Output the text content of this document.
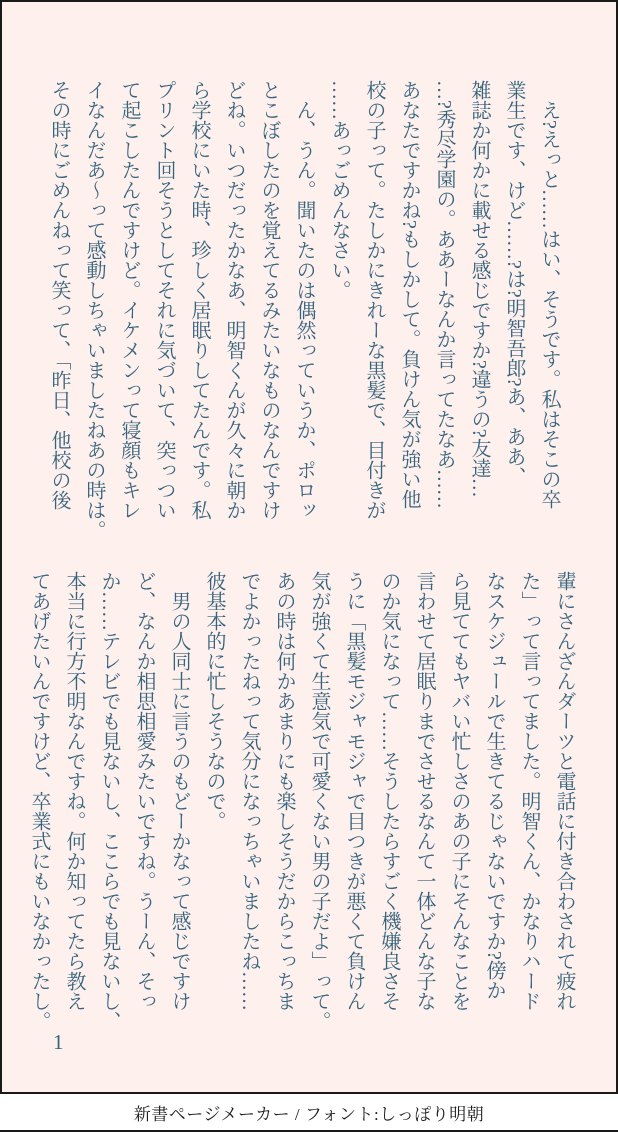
　え?えっと……はい、そうです。私はそこの卒
業生です、けど……?は?明智吾郎?あ、ああ、
雑誌か何かに載せる感じですか?違うの?友達…
…?秀尽学園の。ああーなんか言ってたなあ……
あなたですかね?もしかして。負けん気が強い他
校の子って。たしかにきれーな黒髪で、目付きが
……あっごめんなさい。
　ん、うん。聞いたのは偶然っていうか、ポロッ
とこぼしたのを覚えてるみたいなものなんですけ
どね。いつだったかなあ、明智くんが久々に朝か
ら学校にいた時、珍しく居眠りしてたんです。私
プリント回そうとしてそれに気づいて、突っつい
て起こしたんですけど。イケメンって寝顔もキレ
イなんだあ〜って感動しちゃいましたねあの時は。
その時にごめんねって笑って、「昨日、他校の後
輩にさんざんダーツと電話に付き合わされて疲れ
た」って言ってました。明智くん、かなりハード
なスケジュールで生きてるじゃないですか?傍か
ら見ててもヤバい忙しさのあの子にそんなことを
言わせて居眠りまでさせるなんて一体どんな子な
のか気になって……そうしたらすごく機嫌良さそ
うに「黒髪モジャモジャで目つきが悪くて負けん
気が強くて生意気で可愛くない男の子だよ」って。
あの時は何かあまりにも楽しそうだからこっちま
でよかったねって気分になっちゃいましたね……
彼基本的に忙しそうなので。
　男の人同士に言うのもどーかなって感じですけ
ど、なんか相思相愛みたいですね。うーん、そっ
か……テレビでも見ないし、ここらでも見ないし、
本当に行方不明なんですね。何か知ってたら教え
てあげたいんですけど、卒業式にもいなかったし。
1
新書ページメーカー / フォント:しっぽり明朝
